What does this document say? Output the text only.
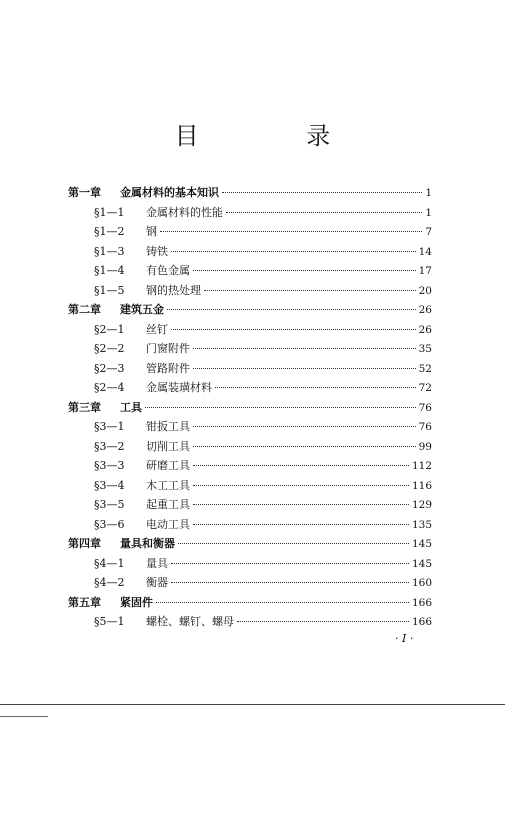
目 录
第一章 金属材料的基本知识	1
§1—1 金属材料的性能	1
§1—2 钢	7
§1—3 铸铁	14
§1—4 有色金属	17
§1—5 钢的热处理	20
第二章 建筑五金	26
§2—1 丝钉	26
§2—2 门窗附件	35
§2—3 管路附件	52
§2—4 金属装璜材料	72
第三章 工具	76
§3—1 钳扳工具	76
§3—2 切削工具	99
§3—3 研磨工具	112
§3—4 木工工具	116
§3—5 起重工具	129
§3—6 电动工具	135
第四章 量具和衡器	145
§4—1 量具	145
§4—2 衡器	160
第五章 紧固件	166
§5—1 螺栓、螺钉、螺母	166
· I ·
